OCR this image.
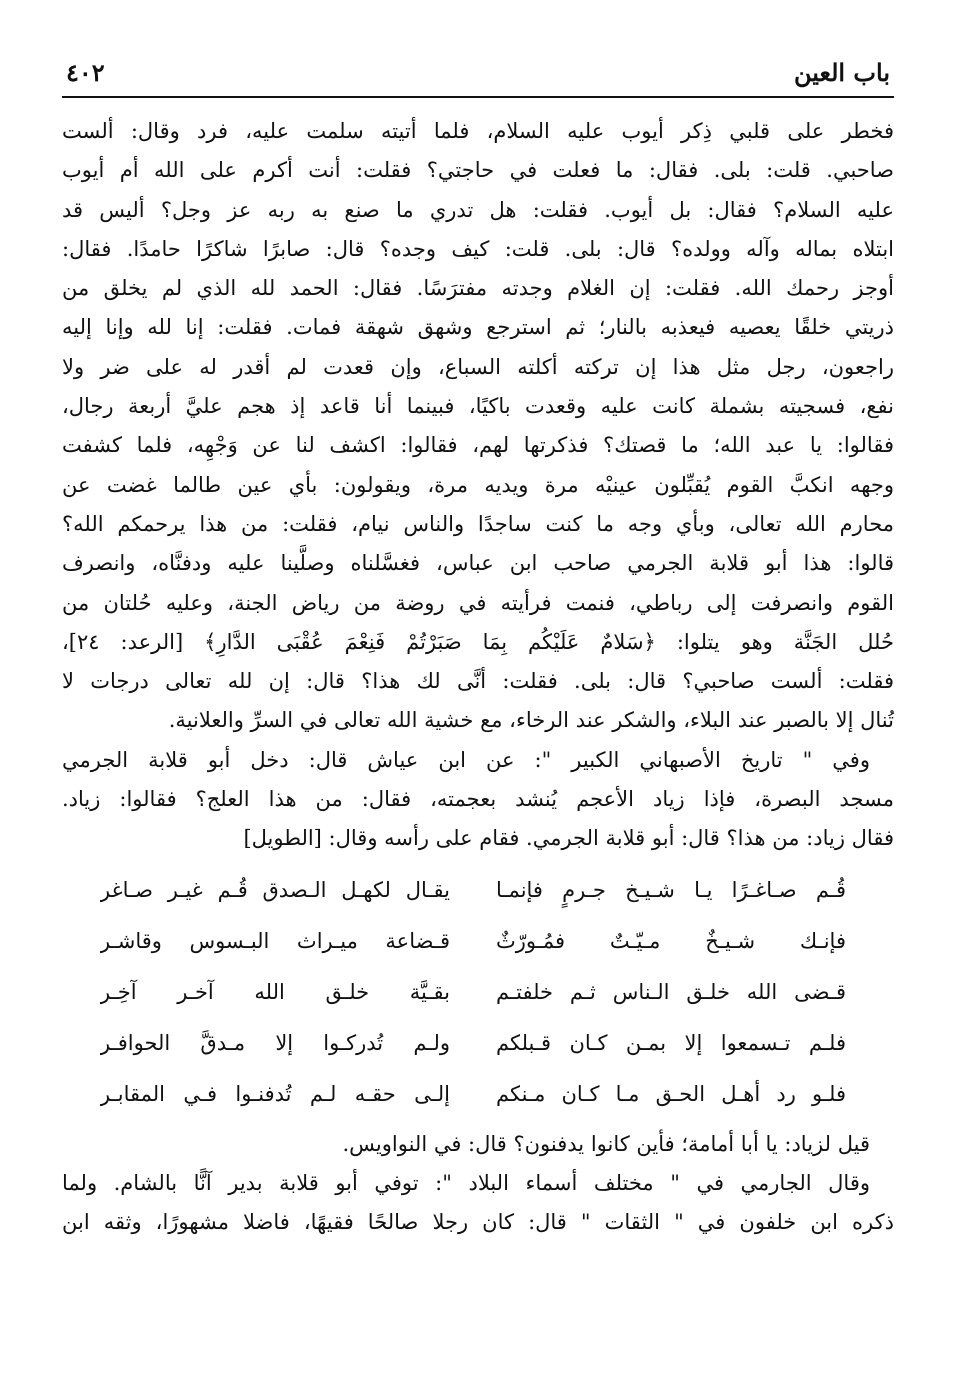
٤٠٢	باب العين
فخطر على قلبي ذِكر أيوب عليه السلام، فلما أتيته سلمت عليه، فرد وقال: ألست
صاحبي. قلت: بلى. فقال: ما فعلت في حاجتي؟ فقلت: أنت أكرم على الله أم أيوب
عليه السلام؟ فقال: بل أيوب. فقلت: هل تدري ما صنع به ربه عز وجل؟ أليس قد
ابتلاه بماله وآله وولده؟ قال: بلى. قلت: كيف وجده؟ قال: صابرًا شاكرًا حامدًا. فقال:
أوجز رحمك الله. فقلت: إن الغلام وجدته مفترَسًا. فقال: الحمد لله الذي لم يخلق من
ذريتي خلقًا يعصيه فيعذبه بالنار؛ ثم استرجع وشهق شهقة فمات. فقلت: إنا لله وإنا إليه
راجعون، رجل مثل هذا إن تركته أكلته السباع، وإن قعدت لم أقدر له على ضر ولا
نفع، فسجيته بشملة كانت عليه وقعدت باكيًا، فبينما أنا قاعد إذ هجم عليَّ أربعة رجال،
فقالوا: يا عبد الله؛ ما قصتك؟ فذكرتها لهم، فقالوا: اكشف لنا عن وَجْهِه، فلما كشفت
وجهه انكبَّ القوم يُقبِّلون عينيْه مرة ويديه مرة، ويقولون: بأي عين طالما غضت عن
محارم الله تعالى، وبأي وجه ما كنت ساجدًا والناس نيام، فقلت: من هذا يرحمكم الله؟
قالوا: هذا أبو قلابة الجرمي صاحب ابن عباس، فغسَّلناه وصلَّينا عليه ودفنَّاه، وانصرف
القوم وانصرفت إلى رباطي، فنمت فرأيته في روضة من رياض الجنة، وعليه حُلتان من
حُلل الجَنَّة وهو يتلوا: ﴿سَلامٌ عَلَيْكُم بِمَا صَبَرْتُمْ فَنِعْمَ عُقْبَى الدَّارِ﴾ [الرعد: ٢٤]،
فقلت: ألست صاحبي؟ قال: بلى. فقلت: أنَّى لك هذا؟ قال: إن لله تعالى درجات لا
تُنال إلا بالصبر عند البلاء، والشكر عند الرخاء، مع خشية الله تعالى في السرِّ والعلانية.
وفي " تاريخ الأصبهاني الكبير ": عن ابن عياش قال: دخل أبو قلابة الجرمي
مسجد البصرة، فإذا زياد الأعجم يُنشد بعجمته، فقال: من هذا العلج؟ فقالوا: زياد.
فقال زياد: من هذا؟ قال: أبو قلابة الجرمي. فقام على رأسه وقال: [الطويل]
قُـم صـاغـرًا يـا شـيـخ جـرمٍ فإنمـا
يقـال لكهـل الـصدق قُـم غيـر صـاغر
فإنـك شـيـخٌ مـيّـتٌ فمُـورّثٌ
قـضاعة ميـراث البـسوس وقاشـر
قـضى الله خلـق الـناس ثـم خلفتـم
بقـيَّة خلـق الله آخـر آخِـر
فلـم تـسمعوا إلا بمـن كـان قـبلكم
ولـم تُدركـوا إلا مـدقَّ الحوافـر
فلـو رد أهـل الحـق مـا كـان مـنكم
إلـى حقـه لـم تُدفنـوا فـي المقابـر
قيل لزياد: يا أبا أمامة؛ فأين كانوا يدفنون؟ قال: في النواويس.
وقال الجارمي في " مختلف أسماء البلاد ": توفي أبو قلابة بدير آنًّا بالشام. ولما
ذكره ابن خلفون في " الثقات " قال: كان رجلا صالحًا فقيهًا، فاضلا مشهورًا، وثقه ابن
